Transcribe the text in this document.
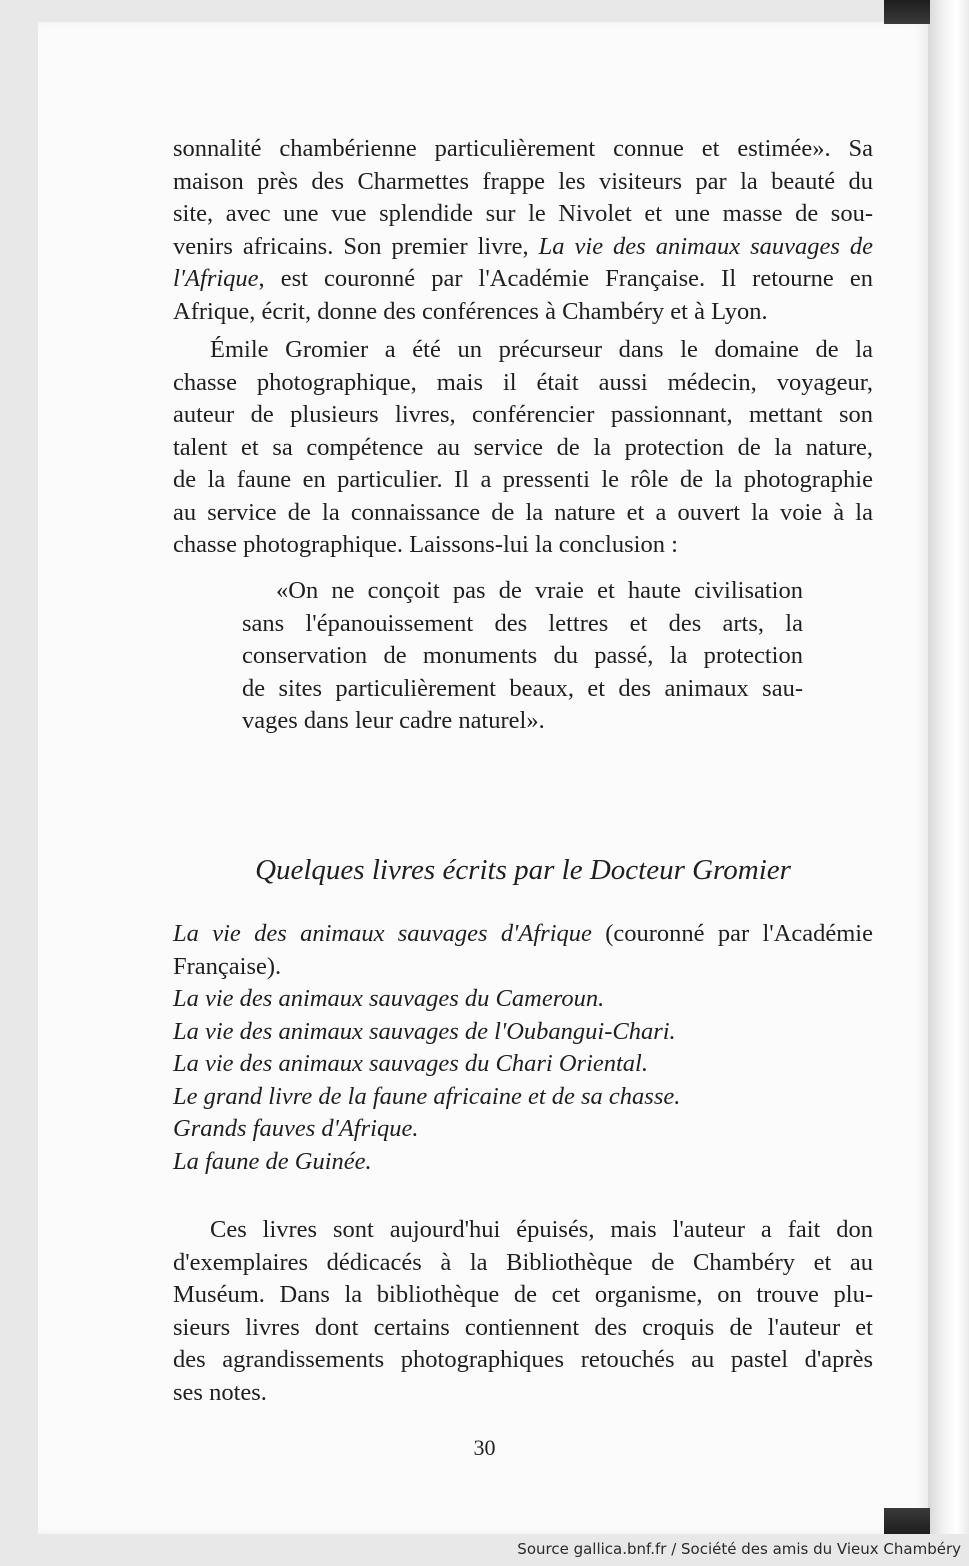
sonnalité chambérienne particulièrement connue et estimée». Sa
maison près des Charmettes frappe les visiteurs par la beauté du
site, avec une vue splendide sur le Nivolet et une masse de sou-
venirs africains. Son premier livre, La vie des animaux sauvages de
l'Afrique, est couronné par l'Académie Française. Il retourne en
Afrique, écrit, donne des conférences à Chambéry et à Lyon.
Émile Gromier a été un précurseur dans le domaine de la
chasse photographique, mais il était aussi médecin, voyageur,
auteur de plusieurs livres, conférencier passionnant, mettant son
talent et sa compétence au service de la protection de la nature,
de la faune en particulier. Il a pressenti le rôle de la photographie
au service de la connaissance de la nature et a ouvert la voie à la
chasse photographique. Laissons-lui la conclusion :
«On ne conçoit pas de vraie et haute civilisation
sans l'épanouissement des lettres et des arts, la
conservation de monuments du passé, la protection
de sites particulièrement beaux, et des animaux sau-
vages dans leur cadre naturel».
Quelques livres écrits par le Docteur Gromier
La vie des animaux sauvages d'Afrique (couronné par l'Académie
Française).
La vie des animaux sauvages du Cameroun.
La vie des animaux sauvages de l'Oubangui-Chari.
La vie des animaux sauvages du Chari Oriental.
Le grand livre de la faune africaine et de sa chasse.
Grands fauves d'Afrique.
La faune de Guinée.
Ces livres sont aujourd'hui épuisés, mais l'auteur a fait don
d'exemplaires dédicacés à la Bibliothèque de Chambéry et au
Muséum. Dans la bibliothèque de cet organisme, on trouve plu-
sieurs livres dont certains contiennent des croquis de l'auteur et
des agrandissements photographiques retouchés au pastel d'après
ses notes.
30
Source gallica.bnf.fr / Société des amis du Vieux Chambéry
